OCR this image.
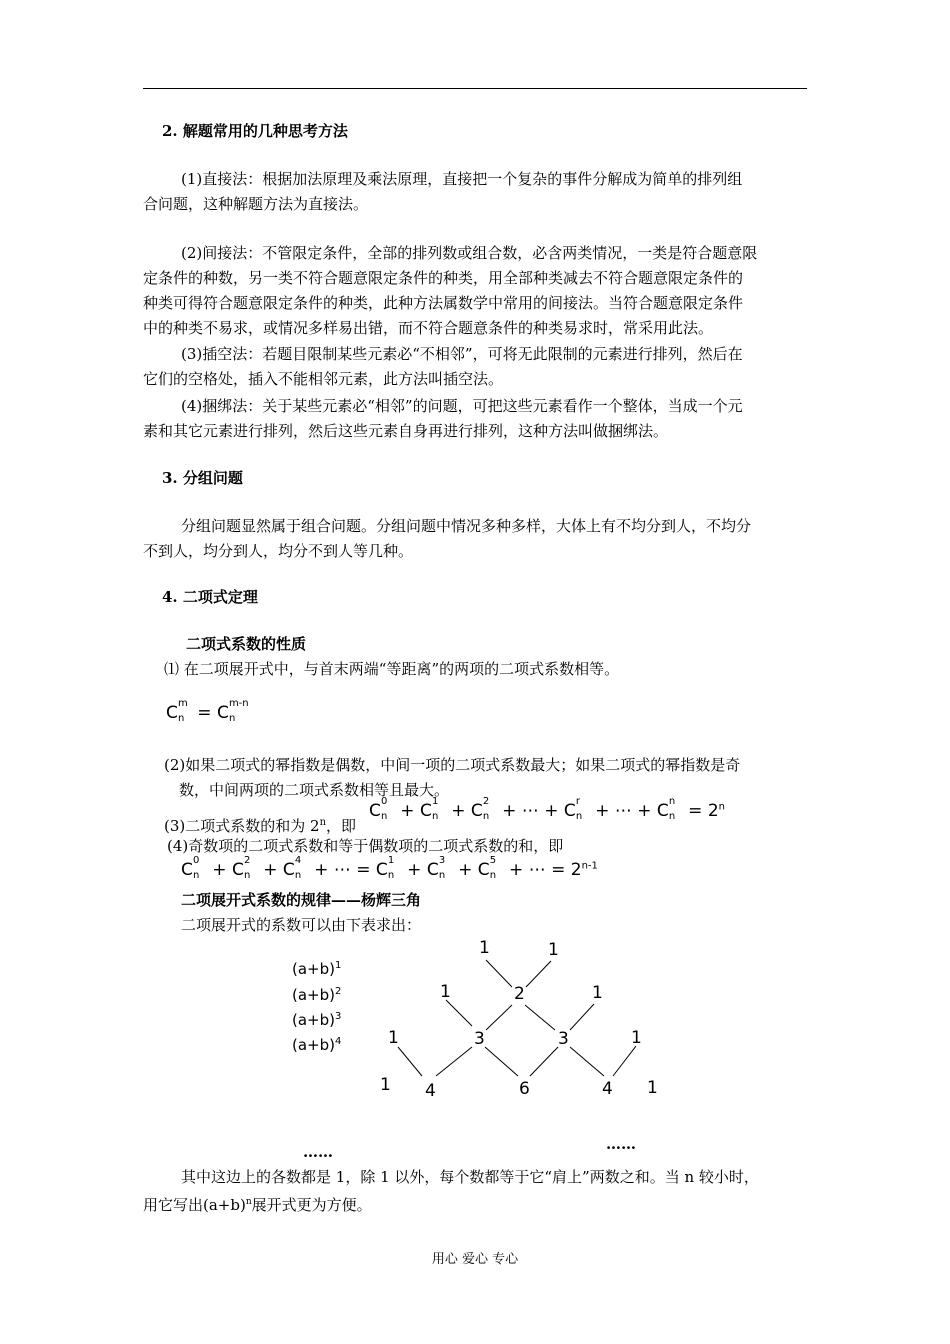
2. 解题常用的几种思考方法
(1)直接法：根据加法原理及乘法原理，直接把一个复杂的事件分解成为简单的排列组
合问题，这种解题方法为直接法。
(2)间接法：不管限定条件，全部的排列数或组合数，必含两类情况，一类是符合题意限
定条件的种数，另一类不符合题意限定条件的种类，用全部种类减去不符合题意限定条件的
种类可得符合题意限定条件的种类，此种方法属数学中常用的间接法。当符合题意限定条件
中的种类不易求，或情况多样易出错，而不符合题意条件的种类易求时，常采用此法。
(3)插空法：若题目限制某些元素必“不相邻”，可将无此限制的元素进行排列，然后在
它们的空格处，插入不能相邻元素，此方法叫插空法。
(4)捆绑法：关于某些元素必“相邻”的问题，可把这些元素看作一个整体，当成一个元
素和其它元素进行排列，然后这些元素自身再进行排列，这种方法叫做捆绑法。
3. 分组问题
分组问题显然属于组合问题。分组问题中情况多种多样，大体上有不均分到人，不均分
不到人，均分到人，均分不到人等几种。
4. 二项式定理
二项式系数的性质
⑴ 在二项展开式中，与首末两端“等距离”的两项的二项式系数相等。
C m
n = C m-n
n
(2)如果二项式的幂指数是偶数，中间一项的二项式系数最大；如果二项式的幂指数是奇
数，中间两项的二项式系数相等且最大。
(3)二项式系数的和为 2$^n$，即
C 0
n + C 1
n + C 2
n + ⋯ + C r
n + ⋯ + C n
$n = 2^n$
(4)奇数项的二项式系数和等于偶数项的二项式系数的和，即
C 0
n + C 2
n + C 4
n + ⋯ = C 1
n + C 3
n + C 5
n + ⋯ = $2^{n-1}$
二项展开式系数的规律——杨辉三角
二项展开式的系数可以由下表求出：
$(a+b)^1$
$(a+b)^2$
$(a+b)^3$
$(a+b)^4$
1	1
1	2	1
1	3	3	1
1 4	6	4 1
……	……
其中这边上的各数都是 1，除 1 以外，每个数都等于它“肩上”两数之和。当 n 较小时，
用它写出$(a+b)^n$展开式更为方便。
用心 爱心 专心
